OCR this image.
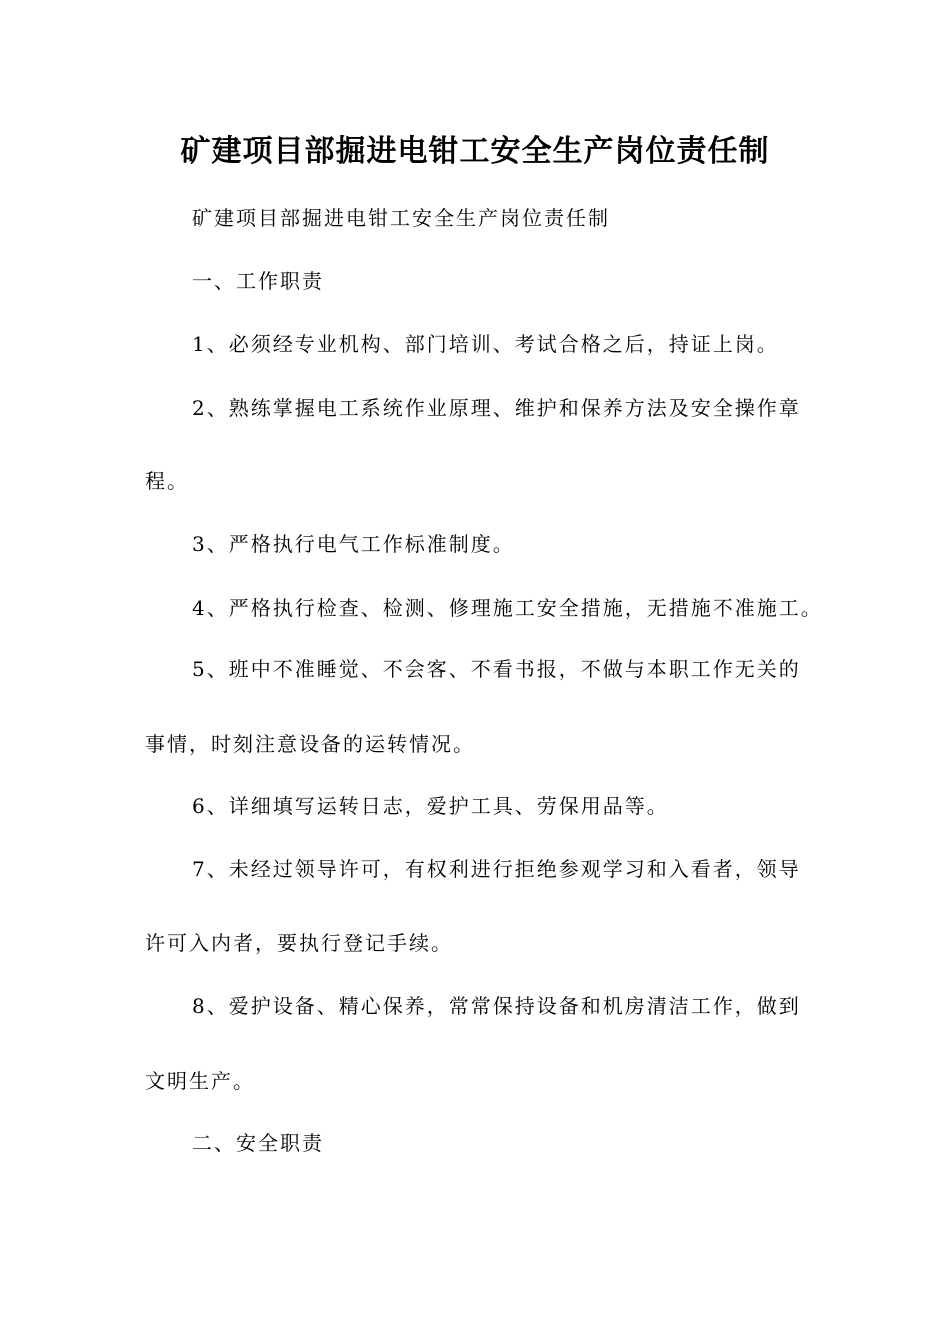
矿建项目部掘进电钳工安全生产岗位责任制

矿建项目部掘进电钳工安全生产岗位责任制

一、工作职责

1、必须经专业机构、部门培训、考试合格之后，持证上岗。

2、熟练掌握电工系统作业原理、维护和保养方法及安全操作章

程。

3、严格执行电气工作标准制度。

4、严格执行检查、检测、修理施工安全措施，无措施不准施工。

5、班中不准睡觉、不会客、不看书报，不做与本职工作无关的

事情，时刻注意设备的运转情况。

6、详细填写运转日志，爱护工具、劳保用品等。

7、未经过领导许可，有权利进行拒绝参观学习和入看者，领导

许可入内者，要执行登记手续。

8、爱护设备、精心保养，常常保持设备和机房清洁工作，做到

文明生产。

二、安全职责
